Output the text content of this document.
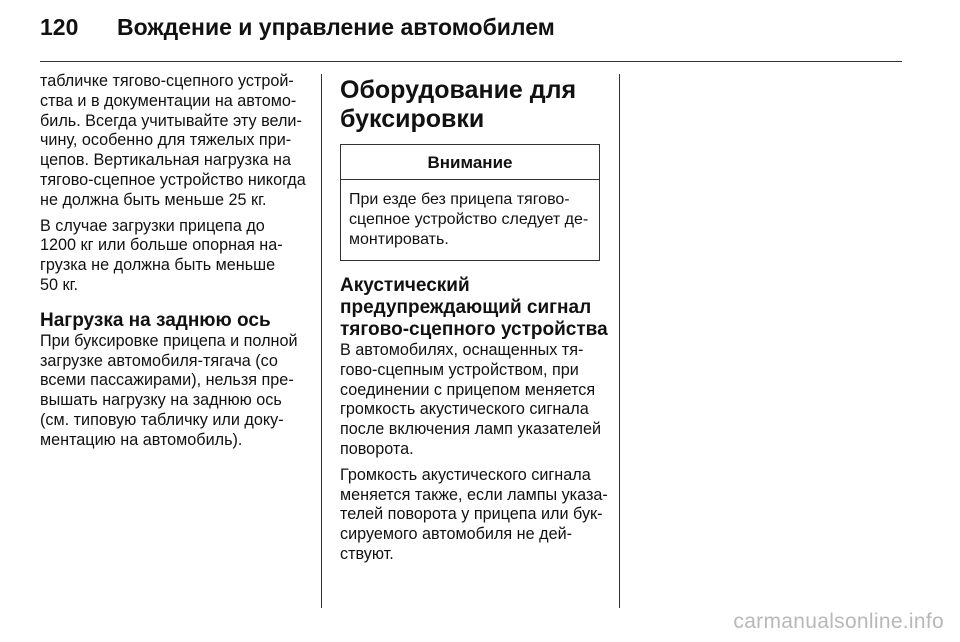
120 Вождение и управление автомобилем

табличке тягово-сцепного устрой-
ства и в документации на автомо-
биль. Всегда учитывайте эту вели-
чину, особенно для тяжелых при-
цепов. Вертикальная нагрузка на
тягово-сцепное устройство никогда
не должна быть меньше 25 кг.

В случае загрузки прицепа до
1200 кг или больше опорная на-
грузка не должна быть меньше
50 кг.

Нагрузка на заднюю ось

При буксировке прицепа и полной
загрузке автомобиля-тягача (со
всеми пассажирами), нельзя пре-
вышать нагрузку на заднюю ось
(см. типовую табличку или доку-
ментацию на автомобиль).

Оборудование для
буксировки
Внимание

При езде без прицепа тягово-
сцепное устройство следует де-
монтировать.

Акустический
предупреждающий сигнал
тягово-сцепного устройства

В автомобилях, оснащенных тя-
гово-сцепным устройством, при
соединении с прицепом меняется
громкость акустического сигнала
после включения ламп указателей
поворота.

Громкость акустического сигнала
меняется также, если лампы указа-
телей поворота у прицепа или бук-
сируемого автомобиля не дей-
ствуют.

carmanualsonline.info
